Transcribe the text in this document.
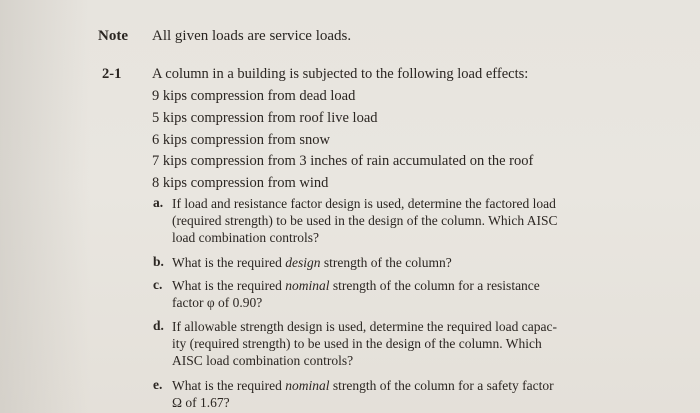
Note All given loads are service loads.
2-1 A column in a building is subjected to the following load effects:
9 kips compression from dead load
5 kips compression from roof live load
6 kips compression from snow
7 kips compression from 3 inches of rain accumulated on the roof
8 kips compression from wind
a. If load and resistance factor design is used, determine the factored load
(required strength) to be used in the design of the column. Which AISC
load combination controls?
b. What is the required design strength of the column?
c. What is the required nominal strength of the column for a resistance
factor φ of 0.90?
d. If allowable strength design is used, determine the required load capac-
ity (required strength) to be used in the design of the column. Which
AISC load combination controls?
e. What is the required nominal strength of the column for a safety factor
Ω of 1.67?
